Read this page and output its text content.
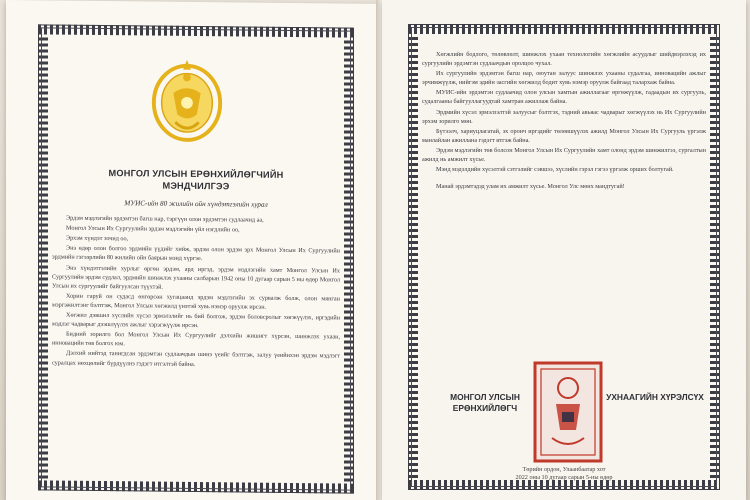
МОНГОЛ УЛСЫН ЕРӨНХИЙЛӨГЧИЙН
МЭНДЧИЛГЭЭ
МУИС-ийн 80 жилийн ойн хүндэтгэлийн хурал
Эрдэм мэдлэгийн эрдэмтэн багш нар, тэргүүн олон эрдэмтэн судлаачид аа,
Монгол Улсын Их Сургуулийн эрдэм мэдлэгийн үйл нэгдлийн оо,
Эрхэм хүндэт зочид оо,
Энэ өдөр олон болгоо эрдмийн үүдийг хийж, эрдэм олон эрдэм эрх Монгол Улсын Их Сургуулийн эрдмийн гэгээрлийн 80 жилийн ойн баярын мэнд хүргэе.
Энэ хүндэтгэлийн хурлыг өргөн эрдэм, ард иргэд, эрдэм мэдлэгийн хамт Монгол Улсын Их Сургуулийн эрдэм судлал, эрдмийн шинжлэх ухааны салбарын 1942 оны 10 дугаар сарын 5 ны өдөр Монгол Улсын их сургуулийг байгуулсан түүхтэй.
Хорин гаруй он судасд өнгөрсөн хугацаанд эрдэм мэдлэгийн эх сурвалж болж, олон мянган мэргэжилтэнг бэлтгэж, Монгол Улсын хөгжилд үнэтэй хувь нэмэр оруулж ирсэн.
Хөгжил дэвшил хүслийн хүсэл эрмэлзлийг нь бий болгож, эрдэм боловсролыг хөгжүүлэх, иргэдийн мэдлэг чадварыг дээшлүүлэх ажлыг хэрэгжүүлж ирсэн.
Бидний зорилго бол Монгол Улсын Их Сургуулийг дэлхийн жишигт хүрсэн, шинжлэх ухаан, инновацийн төв болгох юм.
Дэлхий нийтэд танигдсан эрдэмтэн судлаачдын шинэ үеийг бэлтгэж, залуу үеийнхэн эрдэм мэдлэгт суралцах нөхцөлийг бүрдүүлнэ гэдэгт итгэлтэй байна.
Хөгжлийн бодлого, төлөвлөлт, шинжлэх ухаан технологийн хөгжлийн асуудлыг шийдвэрлэхэд их сургуулийн эрдэмтэн судлаачдын оролцоо чухал.
Их сургуулийн эрдэмтэн багш нар, оюутан залуус шинжлэх ухааны судалгаа, инновацийн ажлыг эрчимжүүлж, нийгэм эдийн засгийн хөгжилд бодит хувь нэмэр оруулж байгаад талархаж байна.
МУИС-ийн эрдэмтэн судлаачид олон улсын хамтын ажиллагааг өргөжүүлж, гадаадын их сургууль, судалгааны байгууллагуудтай хамтран ажиллаж байна.
Эрдмийн хүсэл эрмэлзэлтэй залуусыг бэлтгэх, тэдний авьяас чадварыг хөгжүүлэх нь Их Сургуулийн эрхэм зорилго мөн.
Бүтээлч, хариуцлагатай, эх оронч иргэдийг төлөвшүүлэх ажилд Монгол Улсын Их Сургууль үргэлж манлайлан ажиллана гэдэгт итгэж байна.
Эрдэм мэдлэгийн төв болсон Монгол Улсын Их Сургуулийн хамт олонд эрдэм шинжилгээ, сургалтын ажилд нь амжилт хүсье.
Мэнд мэдэлдийн хүсэлтэй сэтгэлийг сэвшээ, хүслийн гэрэл гэгээ үргэлж орших болтугай.
Манай эрдэмтэдэд улам их амжилт хүсье. Монгол Улс мөнх мандтугай!
МОНГОЛ УЛСЫН ЕРӨНХИЙЛӨГЧ
УХНААГИЙН ХҮРЭЛСҮХ
Төрийн ордон, Улаанбаатар хот
2022 оны 10 дугаар сарын 5-ны өдөр
